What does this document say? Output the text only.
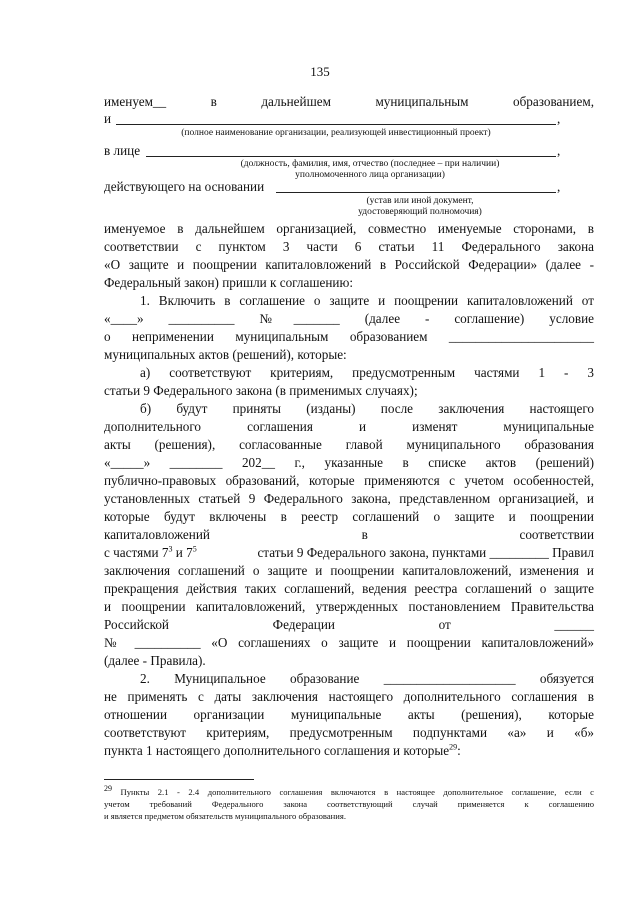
135
именуем__ в дальнейшем муниципальным образованием,
и	,
(полное наименование организации, реализующей инвестиционный проект)
в лице	,
(должность, фамилия, имя, отчество (последнее – при наличии)
уполномоченного лица организации)
действующего на основании	,
(устав или иной документ,
удостоверяющий полномочия)
именуемое в дальнейшем организацией, совместно именуемые сторонами, в
соответствии с пунктом 3 части 6 статьи 11 Федерального закона
«О защите и поощрении капиталовложений в Российской Федерации» (далее -
Федеральный закон) пришли к соглашению:
1. Включить в соглашение о защите и поощрении капиталовложений от
«____» __________ №_______ (далее - соглашение) условие
о неприменении муниципальным образованием ______________________
муниципальных актов (решений), которые:
а) соответствуют критериям, предусмотренным частями 1 - 3
статьи 9 Федерального закона (в применимых случаях);
б) будут приняты (изданы) после заключения настоящего
дополнительного соглашения и изменят муниципальные
акты (решения), согласованные главой муниципального образования
«_____» ________ 202__ г., указанные в списке актов (решений)
публично-правовых образований, которые применяются с учетом особенностей,
установленных статьей 9 Федерального закона, представленном организацией, и
которые будут включены в реестр соглашений о защите и поощрении
капиталовложений в соответствии
с частями $7^3$ и $7^5$	статьи 9 Федерального закона, пунктами _________ Правил
заключения соглашений о защите и поощрении капиталовложений, изменения и
прекращения действия таких соглашений, ведения реестра соглашений о защите
и поощрении капиталовложений, утвержденных постановлением Правительства
Российской Федерации от ______
№ __________ «О соглашениях о защите и поощрении капиталовложений»
(далее - Правила).
2. Муниципальное образование ____________________ обязуется
не применять с даты заключения настоящего дополнительного соглашения в
отношении организации муниципальные акты (решения), которые
соответствуют критериям, предусмотренным подпунктами «а» и «б»
пункта 1 настоящего дополнительного соглашения и которые$^{29}$:
$^{29}$ Пункты 2.1 - 2.4 дополнительного соглашения включаются в настоящее дополнительное соглашение, если с
учетом требований Федерального закона соответствующий случай применяется к соглашению
и является предметом обязательств муниципального образования.
